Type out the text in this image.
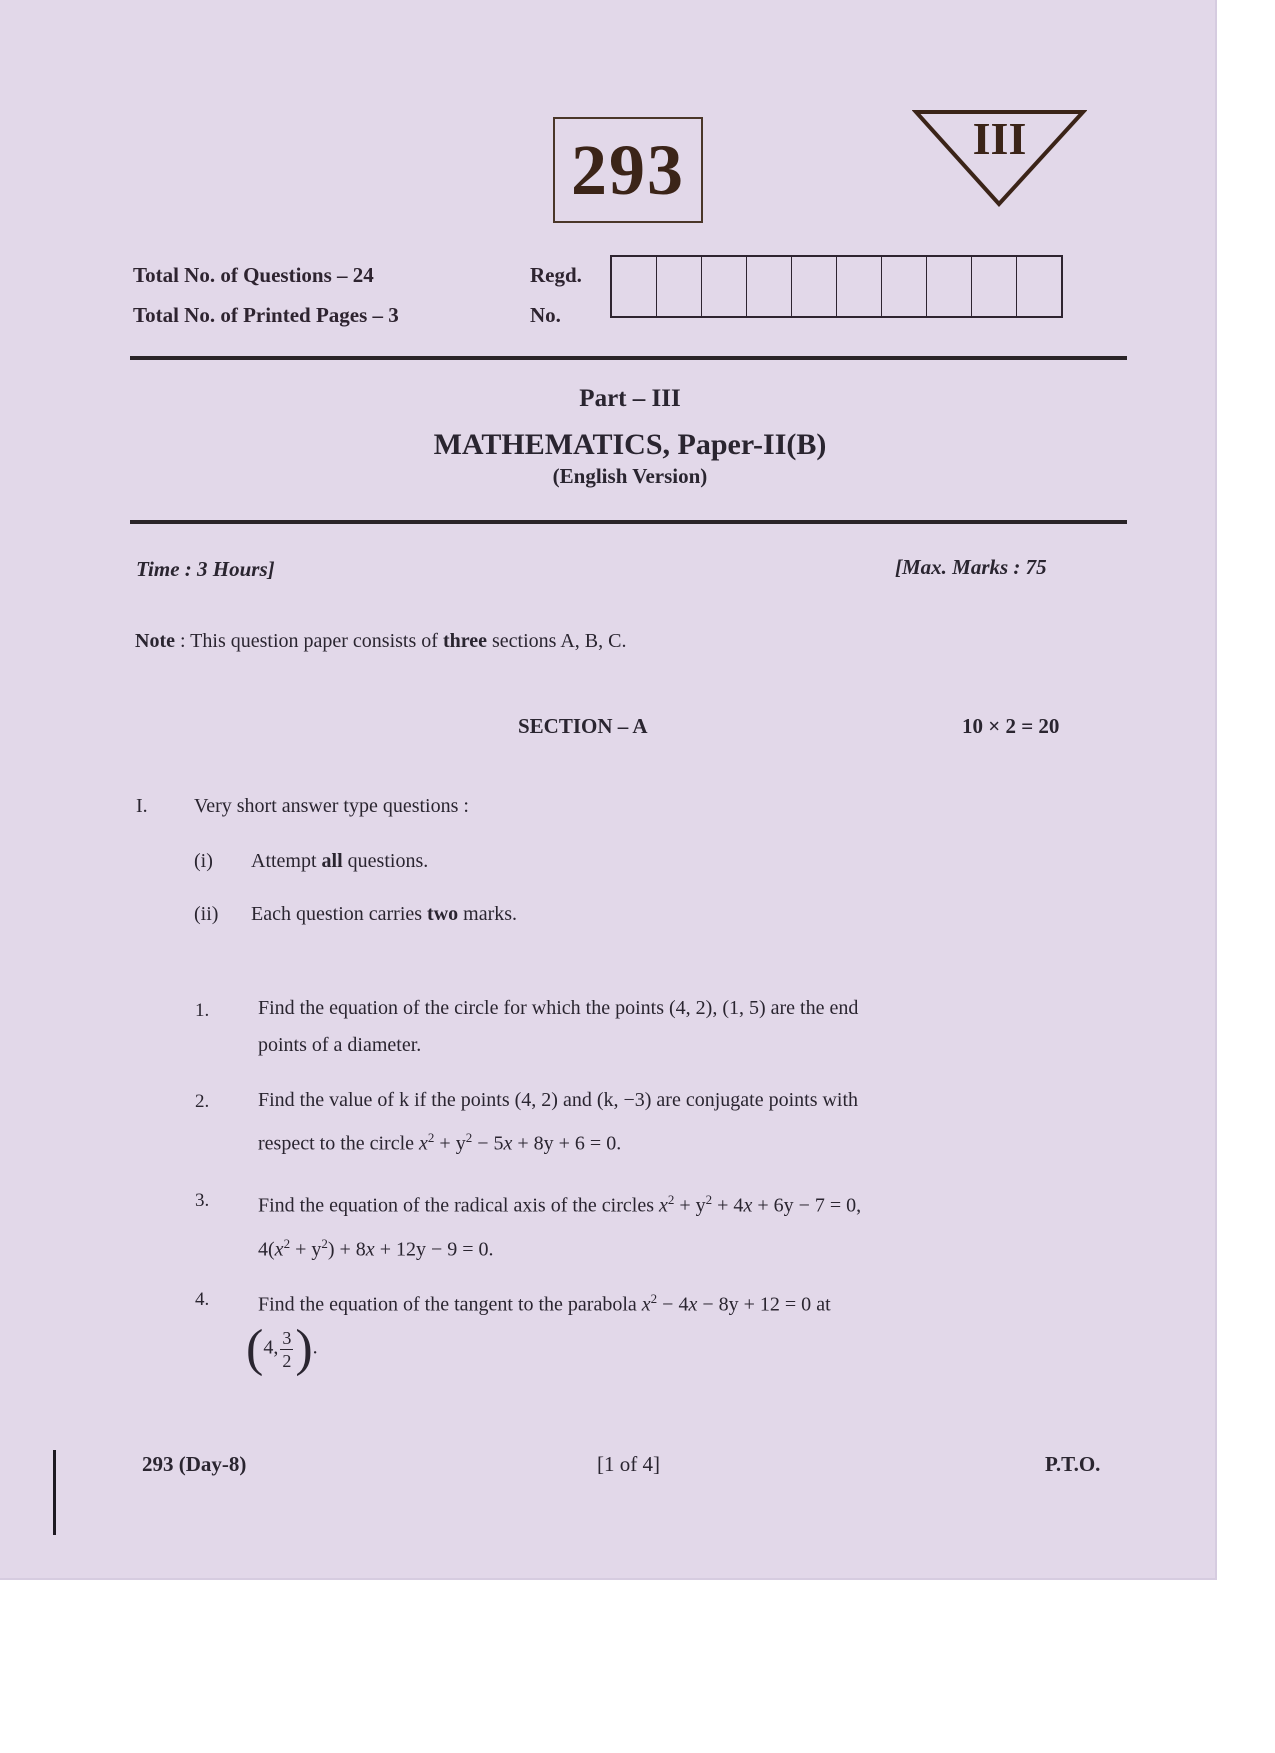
293	III
Total No. of Questions – 24
Total No. of Printed Pages – 3
Regd.
No.
Part – III
MATHEMATICS, Paper-II(B)
(English Version)
Time : 3 Hours]	[Max. Marks : 75
Note : This question paper consists of three sections A, B, C.
SECTION – A	10 × 2 = 20
I. Very short answer type questions :
(i) Attempt all questions.
(ii) Each question carries two marks.
1. Find the equation of the circle for which the points (4, 2), (1, 5) are the end
points of a diameter.
2. Find the value of k if the points (4, 2) and (k, −3) are conjugate points with
respect to the circle $x^2 + y^2 - 5x + 8y + 6 = 0$.
3. Find the equation of the radical axis of the circles $x^2 + y^2 + 4x + 6y - 7 = 0$,
$4(x^2 + y^2) + 8x + 12y - 9 = 0$.
4. Find the equation of the tangent to the parabola $x^2 - 4x - 8y + 12 = 0$ at
(4, $\frac{3}{2}$ ).
293 (Day-8)	[1 of 4]	P.T.O.
